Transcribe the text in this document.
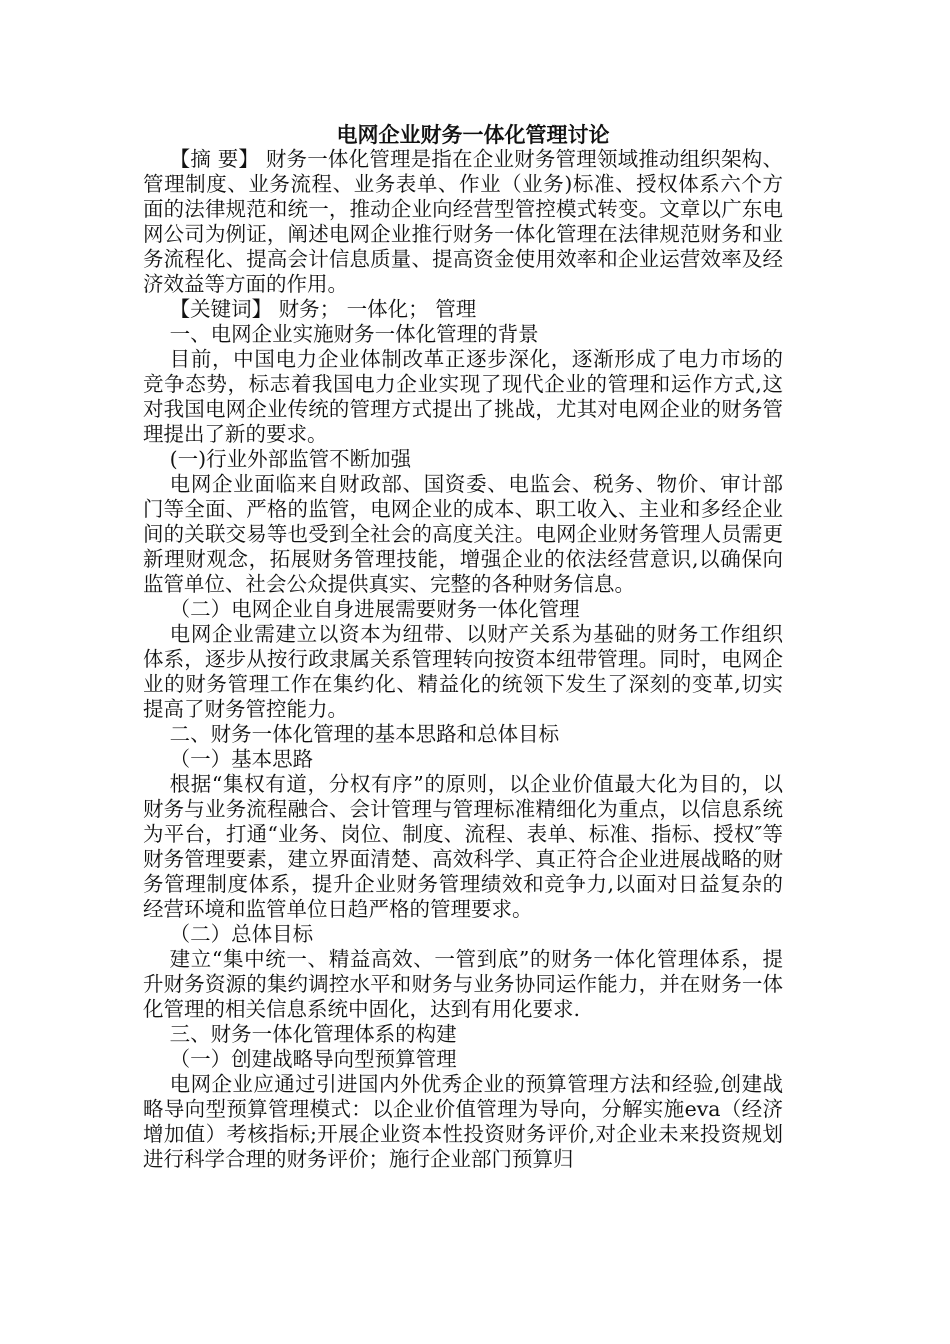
电网企业财务一体化管理讨论

【摘 要】 财务一体化管理是指在企业财务管理领域推动组织架构、管理制度、业务流程、业务表单、作业（业务)标准、授权体系六个方面的法律规范和统一，推动企业向经营型管控模式转变。文章以广东电网公司为例证，阐述电网企业推行财务一体化管理在法律规范财务和业务流程化、提高会计信息质量、提高资金使用效率和企业运营效率及经济效益等方面的作用。

【关键词】 财务； 一体化； 管理

一、电网企业实施财务一体化管理的背景

目前，中国电力企业体制改革正逐步深化，逐渐形成了电力市场的竞争态势，标志着我国电力企业实现了现代企业的管理和运作方式,这对我国电网企业传统的管理方式提出了挑战，尤其对电网企业的财务管理提出了新的要求。

(一)行业外部监管不断加强

电网企业面临来自财政部、国资委、电监会、税务、物价、审计部门等全面、严格的监管，电网企业的成本、职工收入、主业和多经企业间的关联交易等也受到全社会的高度关注。电网企业财务管理人员需更新理财观念，拓展财务管理技能，增强企业的依法经营意识,以确保向监管单位、社会公众提供真实、完整的各种财务信息。

（二）电网企业自身进展需要财务一体化管理

电网企业需建立以资本为纽带、以财产关系为基础的财务工作组织体系，逐步从按行政隶属关系管理转向按资本纽带管理。同时，电网企业的财务管理工作在集约化、精益化的统领下发生了深刻的变革,切实提高了财务管控能力。

二、财务一体化管理的基本思路和总体目标

（一）基本思路

根据“集权有道，分权有序”的原则，以企业价值最大化为目的，以财务与业务流程融合、会计管理与管理标准精细化为重点，以信息系统为平台，打通“业务、岗位、制度、流程、表单、标准、指标、授权″等财务管理要素，建立界面清楚、高效科学、真正符合企业进展战略的财务管理制度体系，提升企业财务管理绩效和竞争力,以面对日益复杂的经营环境和监管单位日趋严格的管理要求。

（二）总体目标

建立“集中统一、精益高效、一管到底”的财务一体化管理体系，提升财务资源的集约调控水平和财务与业务协同运作能力，并在财务一体化管理的相关信息系统中固化，达到有用化要求.

三、财务一体化管理体系的构建

（一）创建战略导向型预算管理

电网企业应通过引进国内外优秀企业的预算管理方法和经验,创建战略导向型预算管理模式：以企业价值管理为导向，分解实施eva（经济增加值）考核指标;开展企业资本性投资财务评价,对企业未来投资规划进行科学合理的财务评价；施行企业部门预算归
